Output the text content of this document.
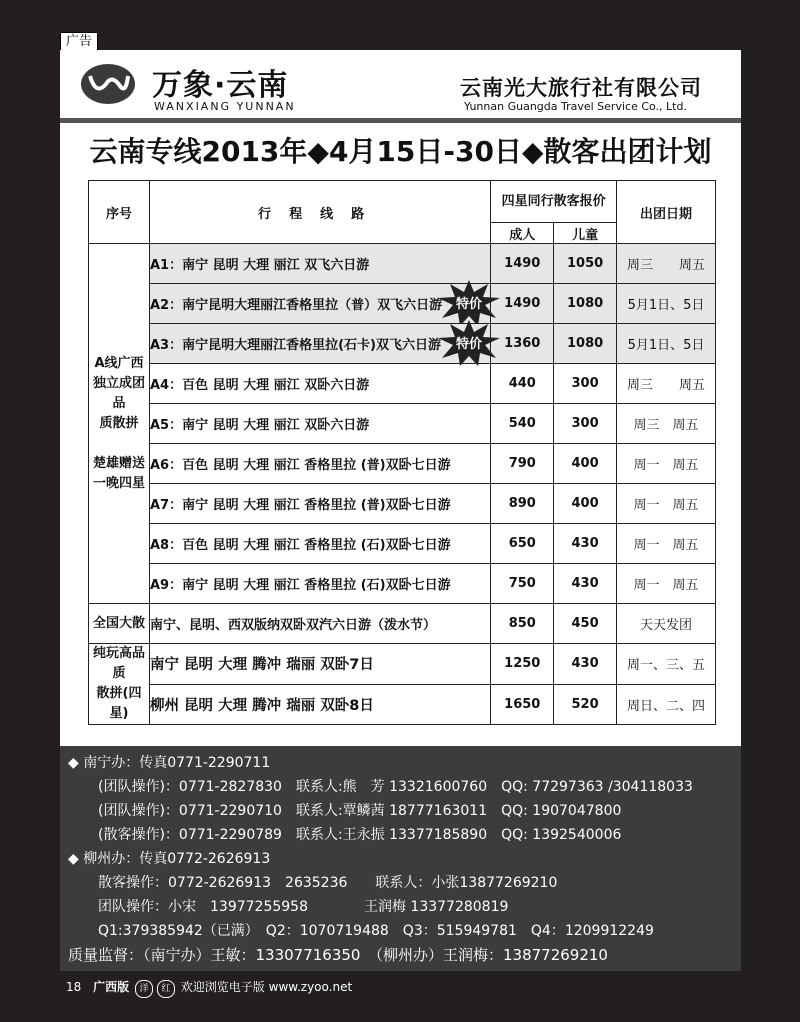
广告
万象·云南
WANXIANG YUNNAN
云南光大旅行社有限公司
Yunnan Guangda Travel Service Co., Ltd.
云南专线2013年◆4月15日-30日◆散客出团计划
序号	行程线路	四星同行散客报价		出团日期
		成人	儿童	

A线广西
独立成团品
质散拼
楚雄赠送
一晚四星	A1：南宁 昆明 大理 丽江 双飞六日游	1490	1050	周三　　周五
	A2：南宁昆明大理丽江香格里拉（普）双飞六日游 特价	1490	1080	5月1日、5日
	A3：南宁昆明大理丽江香格里拉(石卡)双飞六日游 特价	1360	1080	5月1日、5日
	A4：百色 昆明 大理 丽江 双卧六日游	440	300	周三　　周五
	A5：南宁 昆明 大理 丽江 双卧六日游	540	300	周三　周五
	A6：百色 昆明 大理 丽江 香格里拉 (普)双卧七日游	790	400	周一　周五
	A7：南宁 昆明 大理 丽江 香格里拉 (普)双卧七日游	890	400	周一　周五
	A8：百色 昆明 大理 丽江 香格里拉 (石)双卧七日游	650	430	周一　周五
	A9：南宁 昆明 大理 丽江 香格里拉 (石)双卧七日游	750	430	周一　周五
全国大散	南宁、昆明、西双版纳双卧双汽六日游（泼水节）	850	450	天天发团

纯玩高品质
散拼(四星)	南宁 昆明 大理 腾冲 瑞丽 双卧7日	1250	430	周一、三、五
	柳州 昆明 大理 腾冲 瑞丽 双卧8日	1650	520	周日、二、四
◆ 南宁办：传真0771-2290711
(团队操作)：0771-2827830　联系人:熊　芳 13321600760　QQ: 77297363 /304118033
(团队操作)：0771-2290710　联系人:覃鳞茜 18777163011　QQ: 1907047800
(散客操作)：0771-2290789　联系人:王永振 13377185890　QQ: 1392540006
◆ 柳州办：传真0772-2626913
散客操作：0772-2626913　2635236　　联系人：小张13877269210
团队操作：小宋　13977255958　　　　王润梅 13377280819
Q1:379385942（已满）　Q2：1070719488　Q3：515949781　Q4：1209912249
质量监督：（南宁办）王敏：13307716350　（柳州办）王润梅：13877269210
18 广西版 洋 红 欢迎浏览电子版 www.zyoo.net
